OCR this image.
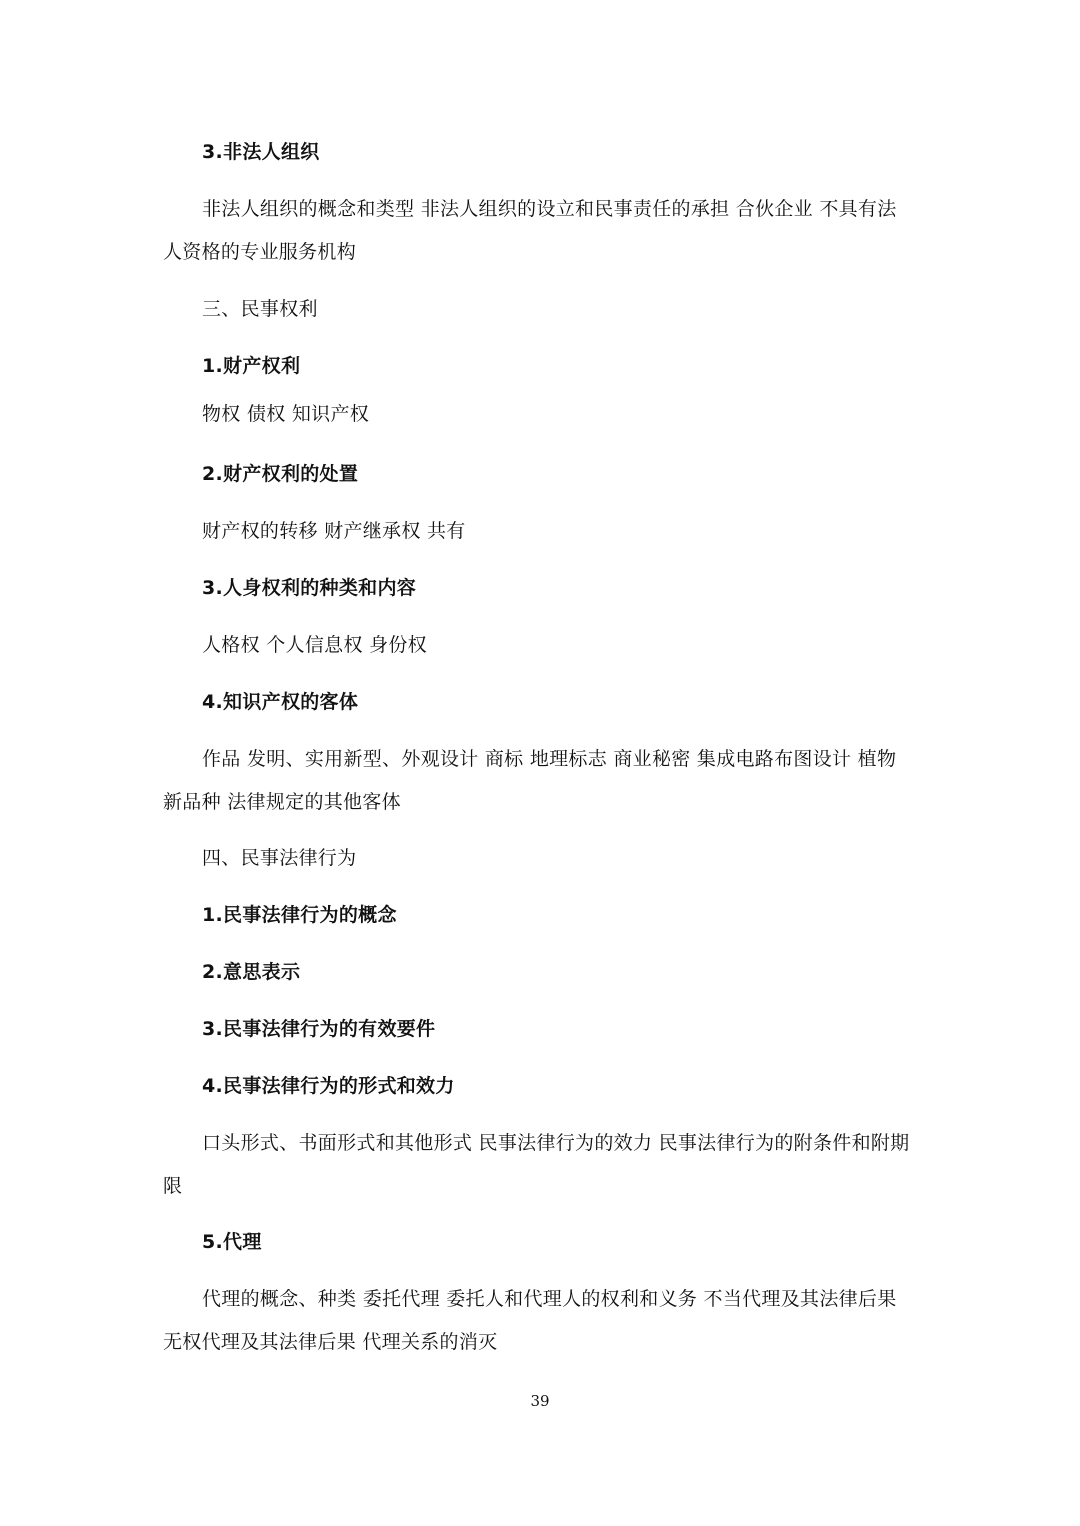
3.非法人组织
非法人组织的概念和类型 非法人组织的设立和民事责任的承担 合伙企业 不具有法
人资格的专业服务机构
三、民事权利
1.财产权利
物权 债权 知识产权
2.财产权利的处置
财产权的转移 财产继承权 共有
3.人身权利的种类和内容
人格权 个人信息权 身份权
4.知识产权的客体
作品 发明、实用新型、外观设计 商标 地理标志 商业秘密 集成电路布图设计 植物
新品种 法律规定的其他客体
四、民事法律行为
1.民事法律行为的概念
2.意思表示
3.民事法律行为的有效要件
4.民事法律行为的形式和效力
口头形式、书面形式和其他形式 民事法律行为的效力 民事法律行为的附条件和附期
限
5.代理
代理的概念、种类 委托代理 委托人和代理人的权利和义务 不当代理及其法律后果
无权代理及其法律后果 代理关系的消灭
39
